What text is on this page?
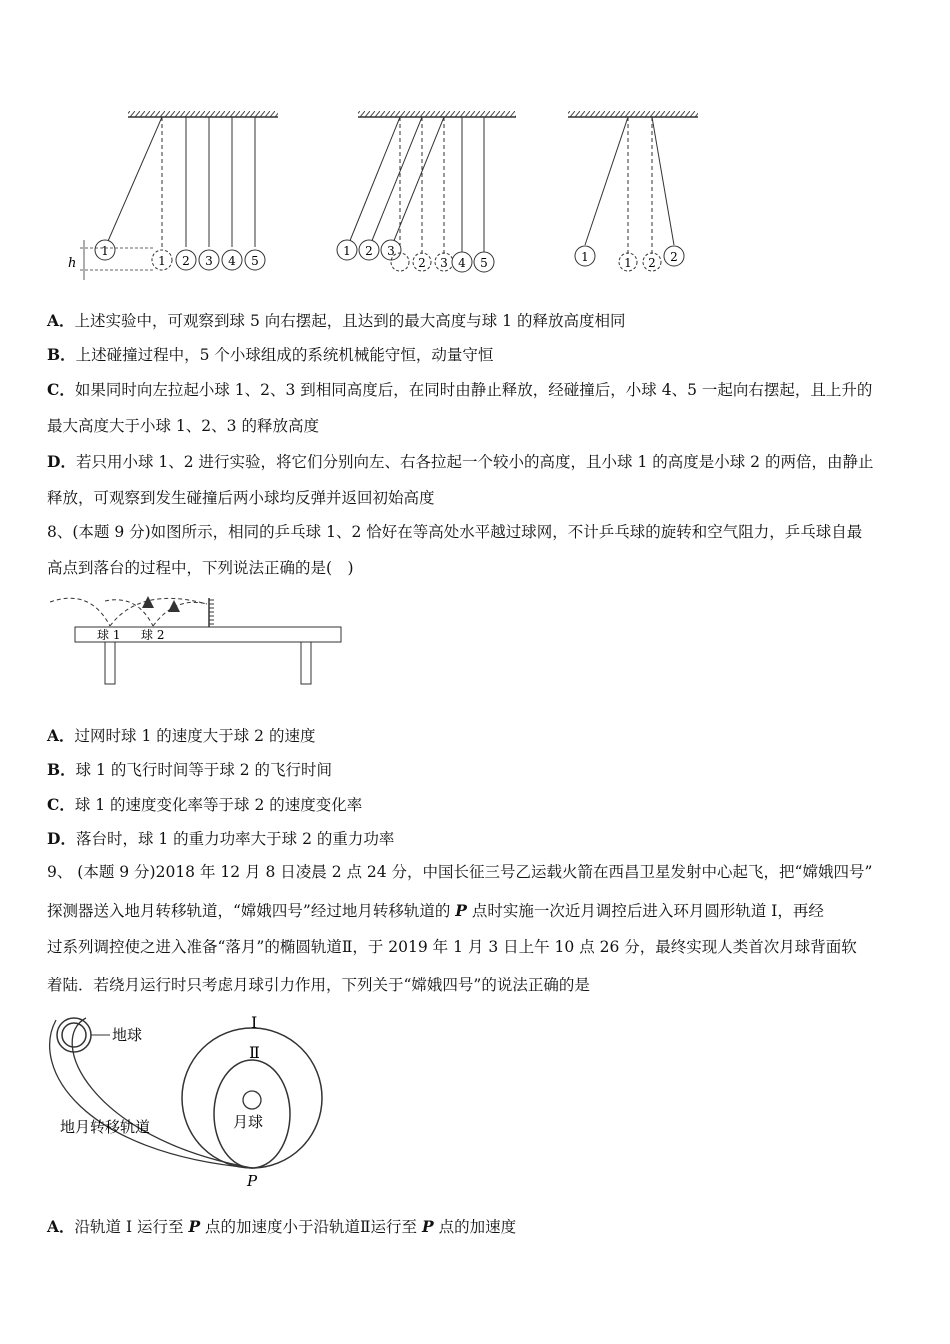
1
1 2 3 4 5
h
1 2 3
2 3 4 5	1	1 2 2
A．上述实验中，可观察到球 5 向右摆起，且达到的最大高度与球 1 的释放高度相同
B．上述碰撞过程中，5 个小球组成的系统机械能守恒，动量守恒
C．如果同时向左拉起小球 1、2、3 到相同高度后，在同时由静止释放，经碰撞后，小球 4、5 一起向右摆起，且上升的
最大高度大于小球 1、2、3 的释放高度
D．若只用小球 1、2 进行实验，将它们分别向左、右各拉起一个较小的高度，且小球 1 的高度是小球 2 的两倍，由静止
释放，可观察到发生碰撞后两小球均反弹并返回初始高度
8、(本题 9 分)如图所示，相同的乒乓球 1、2 恰好在等高处水平越过球网，不计乒乓球的旋转和空气阻力，乒乓球自最
高点到落台的过程中，下列说法正确的是(　)
球 1 球 2
A．过网时球 1 的速度大于球 2 的速度
B．球 1 的飞行时间等于球 2 的飞行时间
C．球 1 的速度变化率等于球 2 的速度变化率
D．落台时，球 1 的重力功率大于球 2 的重力功率
9、 (本题 9 分)2018 年 12 月 8 日凌晨 2 点 24 分，中国长征三号乙运载火箭在西昌卫星发射中心起飞，把“嫦娥四号”
探测器送入地月转移轨道，“嫦娥四号”经过地月转移轨道的 P 点时实施一次近月调控后进入环月圆形轨道 I，再经
过系列调控使之进入准备“落月”的椭圆轨道Ⅱ，于 2019 年 1 月 3 日上午 10 点 26 分，最终实现人类首次月球背面软
着陆．若绕月运行时只考虑月球引力作用，下列关于“嫦娥四号”的说法正确的是
地球
月球
地月转移轨道
I
Ⅱ
P
A．沿轨道 I 运行至 P 点的加速度小于沿轨道Ⅱ运行至 P 点的加速度
